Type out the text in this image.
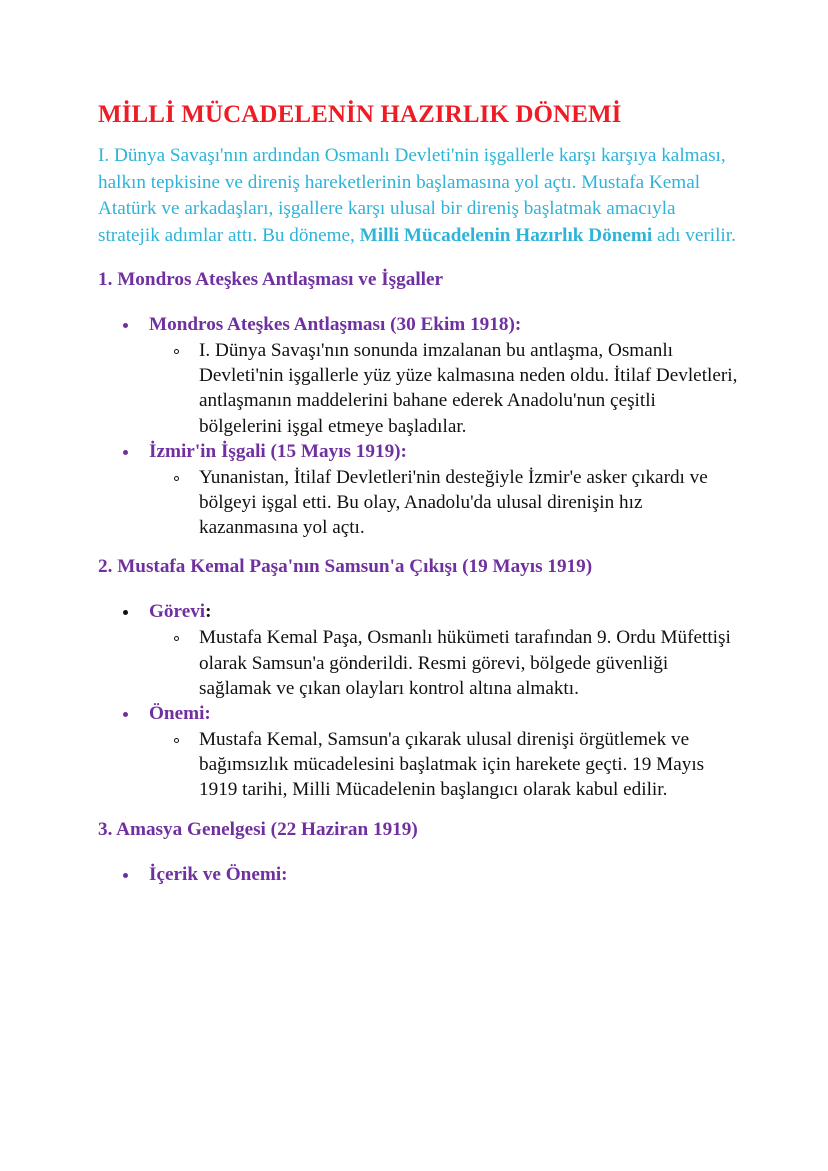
MİLLİ MÜCADELENİN HAZIRLIK DÖNEMİ

I. Dünya Savaşı'nın ardından Osmanlı Devleti'nin işgallerle karşı karşıya kalması, halkın tepkisine ve direniş hareketlerinin başlamasına yol açtı. Mustafa Kemal Atatürk ve arkadaşları, işgallere karşı ulusal bir direniş başlatmak amacıyla stratejik adımlar attı. Bu döneme, Milli Mücadelenin Hazırlık Dönemi adı verilir.

1. Mondros Ateşkes Antlaşması ve İşgaller
Mondros Ateşkes Antlaşması (30 Ekim 1918):
I. Dünya Savaşı'nın sonunda imzalanan bu antlaşma, Osmanlı Devleti'nin işgallerle yüz yüze kalmasına neden oldu. İtilaf Devletleri, antlaşmanın maddelerini bahane ederek Anadolu'nun çeşitli bölgelerini işgal etmeye başladılar.
İzmir'in İşgali (15 Mayıs 1919):
Yunanistan, İtilaf Devletleri'nin desteğiyle İzmir'e asker çıkardı ve bölgeyi işgal etti. Bu olay, Anadolu'da ulusal direnişin hız kazanmasına yol açtı.
2. Mustafa Kemal Paşa'nın Samsun'a Çıkışı (19 Mayıs 1919)
Görevi:
Mustafa Kemal Paşa, Osmanlı hükümeti tarafından 9. Ordu Müfettişi olarak Samsun'a gönderildi. Resmi görevi, bölgede güvenliği sağlamak ve çıkan olayları kontrol altına almaktı.
Önemi:
Mustafa Kemal, Samsun'a çıkarak ulusal direnişi örgütlemek ve bağımsızlık mücadelesini başlatmak için harekete geçti. 19 Mayıs 1919 tarihi, Milli Mücadelenin başlangıcı olarak kabul edilir.
3. Amasya Genelgesi (22 Haziran 1919)
İçerik ve Önemi:
